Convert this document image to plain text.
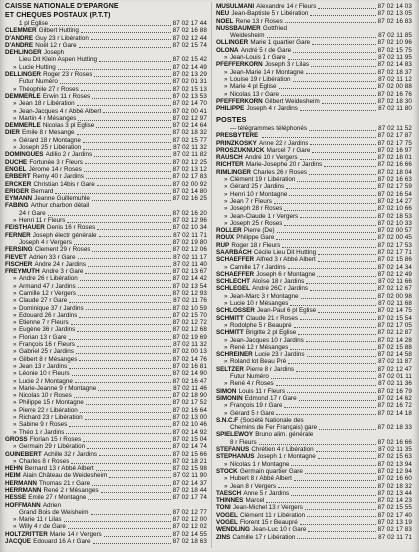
CAISSE NATIONALE D'EPARGNE
ET CHÈQUES POSTAUX (P.T.T)
1 pl Eglise	87 02 17 44
CLEMMER Gilbert Hutting	87 02 16 88
D'ANDRE Guy 23 r Libération	87 02 12 44
D'ANDRE Noël 12 r Gare	87 02 15 74
DEHLINGER Joseph
Lieu Dit Klein Aspen Hutting	87 02 15 42
» Lucie Hutting	87 02 14 49
DELLINGER Roger 23 r Roses	87 02 13 29
Futur Numéro	87 02 01 31
» Théophile 27 r Roses	87 02 15 13
DEMMERLE Erwin 11 r Roses	87 02 13 53
» Jean 18 r Libération	87 02 14 70
» Jean-Jacques 4 r Abbé Albert	87 02 00 41
» Martin 4 r Mésanges	87 02 12 97
DEMMERLE Nicolas 3 pl Eglise	87 02 14 64
DIER Emile 8 r Mesange	87 02 18 32
» Gérard 18 r Montagne	87 02 15 77
» Joseph 25 r Libération	87 02 11 32
DOMINGUES Adilio 2 r Jardins	87 02 11 82
DUCHE Fortunée 3 r Fleurs	87 02 12 25
ENGEL Jérome 14 r Roses	87 02 13 12
ERBERT Remy 40 r Jardins	87 02 17 83
ERCKER Christian 14bis r Gare	87 02 00 92
ERIGER Bernard	87 02 14 80
EYMANN Jeanne Guillemuhle	87 02 16 25
FABING Arthur charbon détail
24 r Gare	87 02 16 20
» Henri 11 r Fleurs	87 02 12 96
FEISTHAUER Denis 16 r Roses	87 02 10 34
FERNER Joseph électr générale	87 02 11 71
Joseph 4 r Vergers	87 02 19 80
FERSING Clement 29 r Roses	87 02 12 06
FIEVET Adrien 33 r Gare	87 02 11 17
FISCHER Andre 24 r Jardins	87 02 11 40
FREYMUTH Andre 3 r Gare	87 02 13 67
» Andre 26 r Libération	87 02 14 42
» Armand 47 r Jardins	87 02 13 54
» Camille 12 r Vergers	87 02 12 93
» Claude 27 r Gare	87 02 11 76
» Dominique 37 r Jardins	87 02 10 59
» Edouard 26 r Jardins	87 02 15 70
» Etienne 7 r Fleurs	87 02 12 72
» Eugène 36 r Jardins	87 02 12 68
» Florian 13 r Gare	87 02 19 69
» François 16 r Fleurs	87 02 11 32
» Gabriel 25 r Jardins	87 02 00 13
» Gilbert 8 r Mésanges	87 02 14 76
» Jean 13 r Jardins	87 02 16 81
» Léonie 10 r Fleurs	87 02 14 90
» Lucie 2 r Montagne	87 02 16 47
» Marie-Jeanne 9 r Montagne	87 02 11 46
» Nicolas 10 r Roses	87 02 18 90
» Philippe 15 r Montagne	87 02 17 52
» Pierre 22 r Libération	87 02 16 64
» Richard 23 r Libération	87 02 13 00
» Sabine 9 r Roses	87 02 10 46
» Théo 1 r Jardins	87 02 14 92
GROSS Florian 15 r Roses	87 02 15 04
» Germain 29 r Libération	87 02 14 74
GUINEBERT Achille 32 r Jardins	87 02 15 66
» Charles 8 r Roses	87 02 18 21
HEHN Bernard 13 r Abbé Albert	87 02 15 98
HEIM Alain Château de Weidesheim	87 02 11 90
HERMANN Thomas 21 r Gare	87 02 14 37
HERRMANN René 2 r Mésanges	87 02 18 44
HESSE Emile 27 r Montagne	87 02 17 74
HOFFMANN Adrien
Grand Bois de Weisheim	87 02 12 77
» Marie 11 r Lilas	87 02 12 00
» Willy 4 r de Gare	87 02 12 02
HOLTZRITTER Marie 14 r Vergers	87 02 14 55
JACQUE Edouard 16 A r Gare	87 02 18 63
MUSULMANI Alexandre 14 r Fleurs	87 02 14 03
NEU Jean-Baptiste 5 r Libération	87 02 13 05
NOEL Rene 13 r Roses	87 02 16 83
NUSSBAUMER Gottfried
Weidesheim	87 02 11 85
OLLINGER Marie 1 quartier Gare	87 02 10 96
OLONA André 5 r de Gare	87 02 15 75
» Jean-Louis 1 r Gare	87 02 11 95
PFEFFERKORN Joseph 3 r Lilas	87 02 14 83
» Jean-Marie 14 r Montagne	87 02 18 37
» Louise 19 r Libération	87 02 11 12
» Marie 4 pl Eglise	87 02 00 88
» Nicolas 13 r Gare	87 02 16 76
PFEFFERKORN Gilbert Weidesheim	87 02 18 30
PHILIPPE Joseph 4 r Jardins	87 02 11 80
POSTES
— télégrammes téléphonés	87 02 11 52
PRESBYTERE	87 02 17 87
PRINZKOSKY Anne 22 r Jardins	87 02 17 75
PROSZUKNUCK Marcel 7 r Gare	87 02 16 97
RAUSCH André 10 r Vergers	87 02 18 01
RICHTER Marie-Josephe 20 r Jardins	87 02 16 66
RIMLINGER Charles 26 r Roses	87 02 18 04
» Clément 19 r Libération	87 02 16 63
» Gérard 25 r Jardins	87 02 17 59
» Henri 10 r Montagne	87 02 16 54
» Jean 7 r Fleurs	87 02 14 27
» Joseph 28 r Roses	87 02 10 66
» Jean-Claude 1 r Vergers	87 02 18 53
» Joseph 25 r Roses	87 02 10 33
ROLLER Pierre (De)	87 02 00 57
ROUX Philippe Gare	87 02 00 45
RUP Roger 18 r Fleurs	87 02 17 53
SAARBACH Cécile Lieu Dit Hutting	87 02 17 71
SCHAEFFER Alfred 3 r Abbé Albert	87 02 15 86
» Camille 17 r Jardins	87 02 14 34
SCHAEFFER Joseph 6 r Montagne	87 02 12 49
SCHLECHT Aloïse 18 r Jardins	87 02 11 66
SCHLEGEL André 26C r Jardins	87 02 12 67
» Jean-Marc 3 r Montagne	87 02 00 98
» Lucie 10 r Mésanges	87 02 11 68
SCHLOSSER Jean-Paul 6 pl Eglise	87 02 14 75
SCHMITT Claude 21 r Roses	87 02 15 54
» Rodolphe 5 r Beaupré	87 02 17 05
SCHMITT Brigitte 2 pl Eglise	87 02 12 87
» Jean-Jacques 10 r Jardins	87 02 14 28
» René 12 r Mésanges	87 02 15 88
SCHREINER Lucie 23 r Jardins	87 02 14 58
» Roland lot Beau Pré	87 02 11 87
SELTZER Pierre 8 r Jardins	87 02 12 47
Futur Numéro	87 02 01 11
» René 4 r Roses	87 02 11 36
SIMON Louis 11 r Fleurs	87 02 16 79
SIMONIN Edmond 17 r Gare	87 02 14 62
» François 19 r Gare	87 02 16 72
» Gérard 5 r Gare	87 02 14 18
S.N.C.F (Société Nationale des
Chemins de Fer Français) gare	87 02 18 33
SPIELEWOY Bruno alim. générale
8 r Fleurs	87 02 16 66
STEFANUS Chrétien 4 r Libération	87 02 11 35
STEPHANUS Joseph 1 r Montagne	87 02 15 63
» Nicolas 1 r Montagne	87 02 13 94
STOCK Germain quartier Gare	87 02 12 94
» Hubert 8 r Abbé Albert	87 02 16 60
» Jean 8 r Vergers	87 02 18 32
TAESCH Anne 5 r Jardins	87 02 13 44
THINNÈS Marcel	87 02 14 23
TONI Jean-Michel 13 r Vergers	87 02 15 55
VOGEL Clément 11 r Libération	87 02 17 40
VOGEL Florent 15 r Beaupré	87 02 13 19
WENDLING Jean-Luc 10 r Gare	87 02 17 83
ZINS Camille 17 r Libération	87 02 11 71
